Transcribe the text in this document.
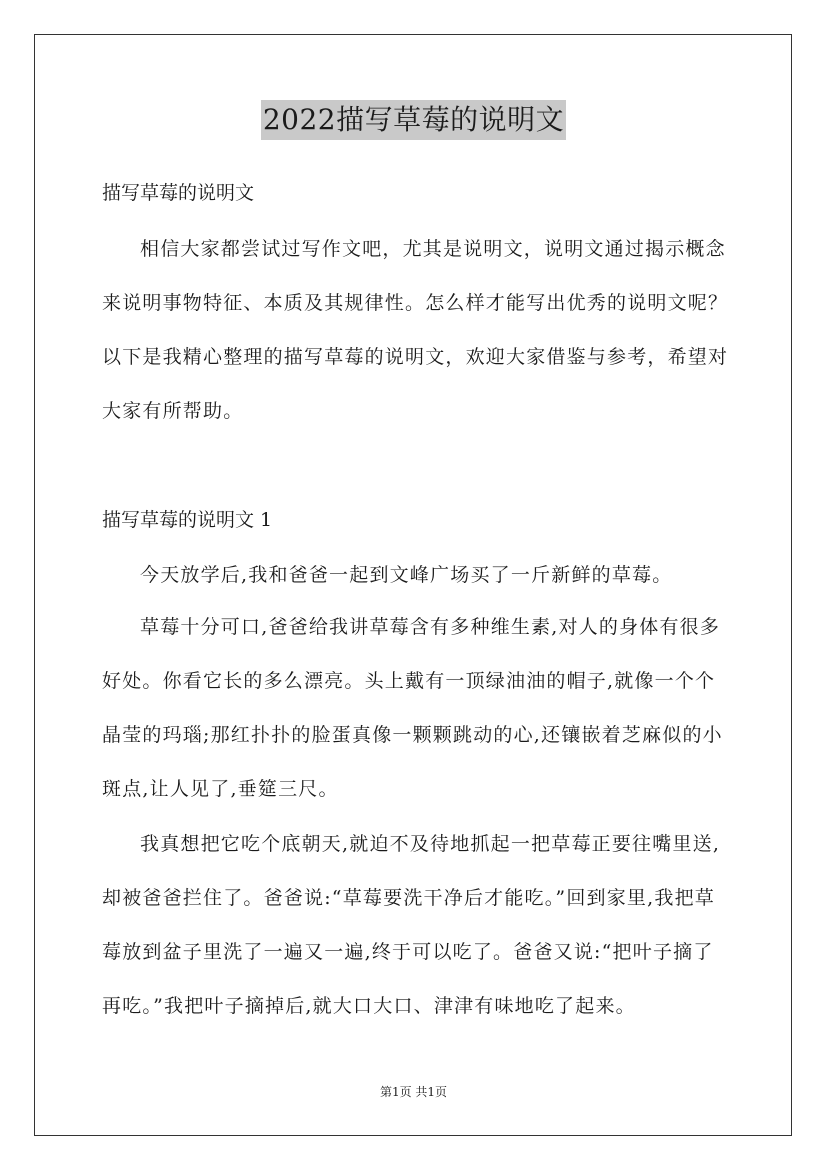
2022描写草莓的说明文
描写草莓的说明文
相信大家都尝试过写作文吧，尤其是说明文，说明文通过揭示概念来说明事物特征、本质及其规律性。怎么样才能写出优秀的说明文呢？以下是我精心整理的描写草莓的说明文，欢迎大家借鉴与参考，希望对大家有所帮助。
描写草莓的说明文 1
今天放学后,我和爸爸一起到文峰广场买了一斤新鲜的草莓。
草莓十分可口,爸爸给我讲草莓含有多种维生素,对人的身体有很多好处。你看它长的多么漂亮。头上戴有一顶绿油油的帽子,就像一个个晶莹的玛瑙;那红扑扑的脸蛋真像一颗颗跳动的心,还镶嵌着芝麻似的小斑点,让人见了,垂筵三尺。
我真想把它吃个底朝天,就迫不及待地抓起一把草莓正要往嘴里送,却被爸爸拦住了。爸爸说:“草莓要洗干净后才能吃。”回到家里,我把草莓放到盆子里洗了一遍又一遍,终于可以吃了。爸爸又说:“把叶子摘了再吃。”我把叶子摘掉后,就大口大口、津津有味地吃了起来。
第1页 共1页
